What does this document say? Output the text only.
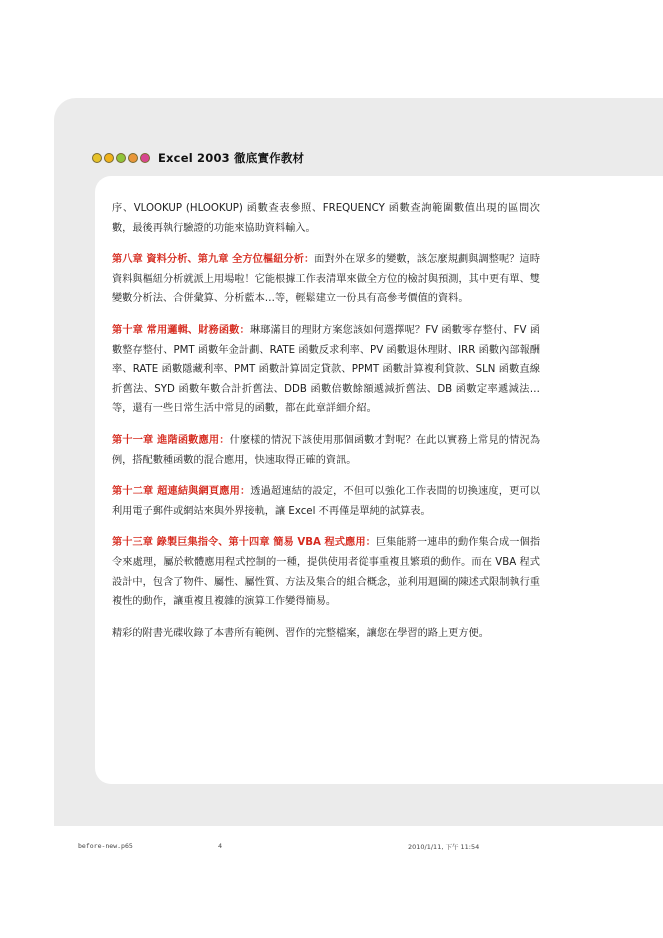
Excel 2003 徹底實作教材

序、VLOOKUP (HLOOKUP) 函數查表參照、FREQUENCY 函數查詢範圍數值出現的區間次數，最後再執行驗證的功能來協助資料輸入。

第八章 資料分析、第九章 全方位樞紐分析：面對外在眾多的變數，該怎麼規劃與調整呢？這時資料與樞紐分析就派上用場啦！它能根據工作表清單來做全方位的檢討與預測，其中更有單、雙變數分析法、合併彙算、分析藍本…等，輕鬆建立一份具有高參考價值的資料。

第十章 常用邏輯、財務函數：琳瑯滿目的理財方案您該如何選擇呢？FV 函數零存整付、FV 函數整存整付、PMT 函數年金計劃、RATE 函數反求利率、PV 函數退休理財、IRR 函數內部報酬率、RATE 函數隱藏利率、PMT 函數計算固定貸款、PPMT 函數計算複利貸款、SLN 函數直線折舊法、SYD 函數年數合計折舊法、DDB 函數倍數餘額遞減折舊法、DB 函數定率遞減法…等，還有一些日常生活中常見的函數，都在此章詳細介紹。

第十一章 進階函數應用：什麼樣的情況下該使用那個函數才對呢？在此以實務上常見的情況為例，搭配數種函數的混合應用，快速取得正確的資訊。

第十二章 超連結與網頁應用：透過超連結的設定，不但可以強化工作表間的切換速度，更可以利用電子郵件或網站來與外界接軌，讓 Excel 不再僅是單純的試算表。

第十三章 錄製巨集指令、第十四章 簡易 VBA 程式應用：巨集能將一連串的動作集合成一個指令來處理，屬於軟體應用程式控制的一種，提供使用者從事重複且繁瑣的動作。而在 VBA 程式設計中，包含了物件、屬性、屬性質、方法及集合的組合概念，並利用迴圈的陳述式限制執行重複性的動作，讓重複且複雜的演算工作變得簡易。

精彩的附書光碟收錄了本書所有範例、習作的完整檔案，讓您在學習的路上更方便。

before-new.p65	4	2010/1/11, 下午 11:54
